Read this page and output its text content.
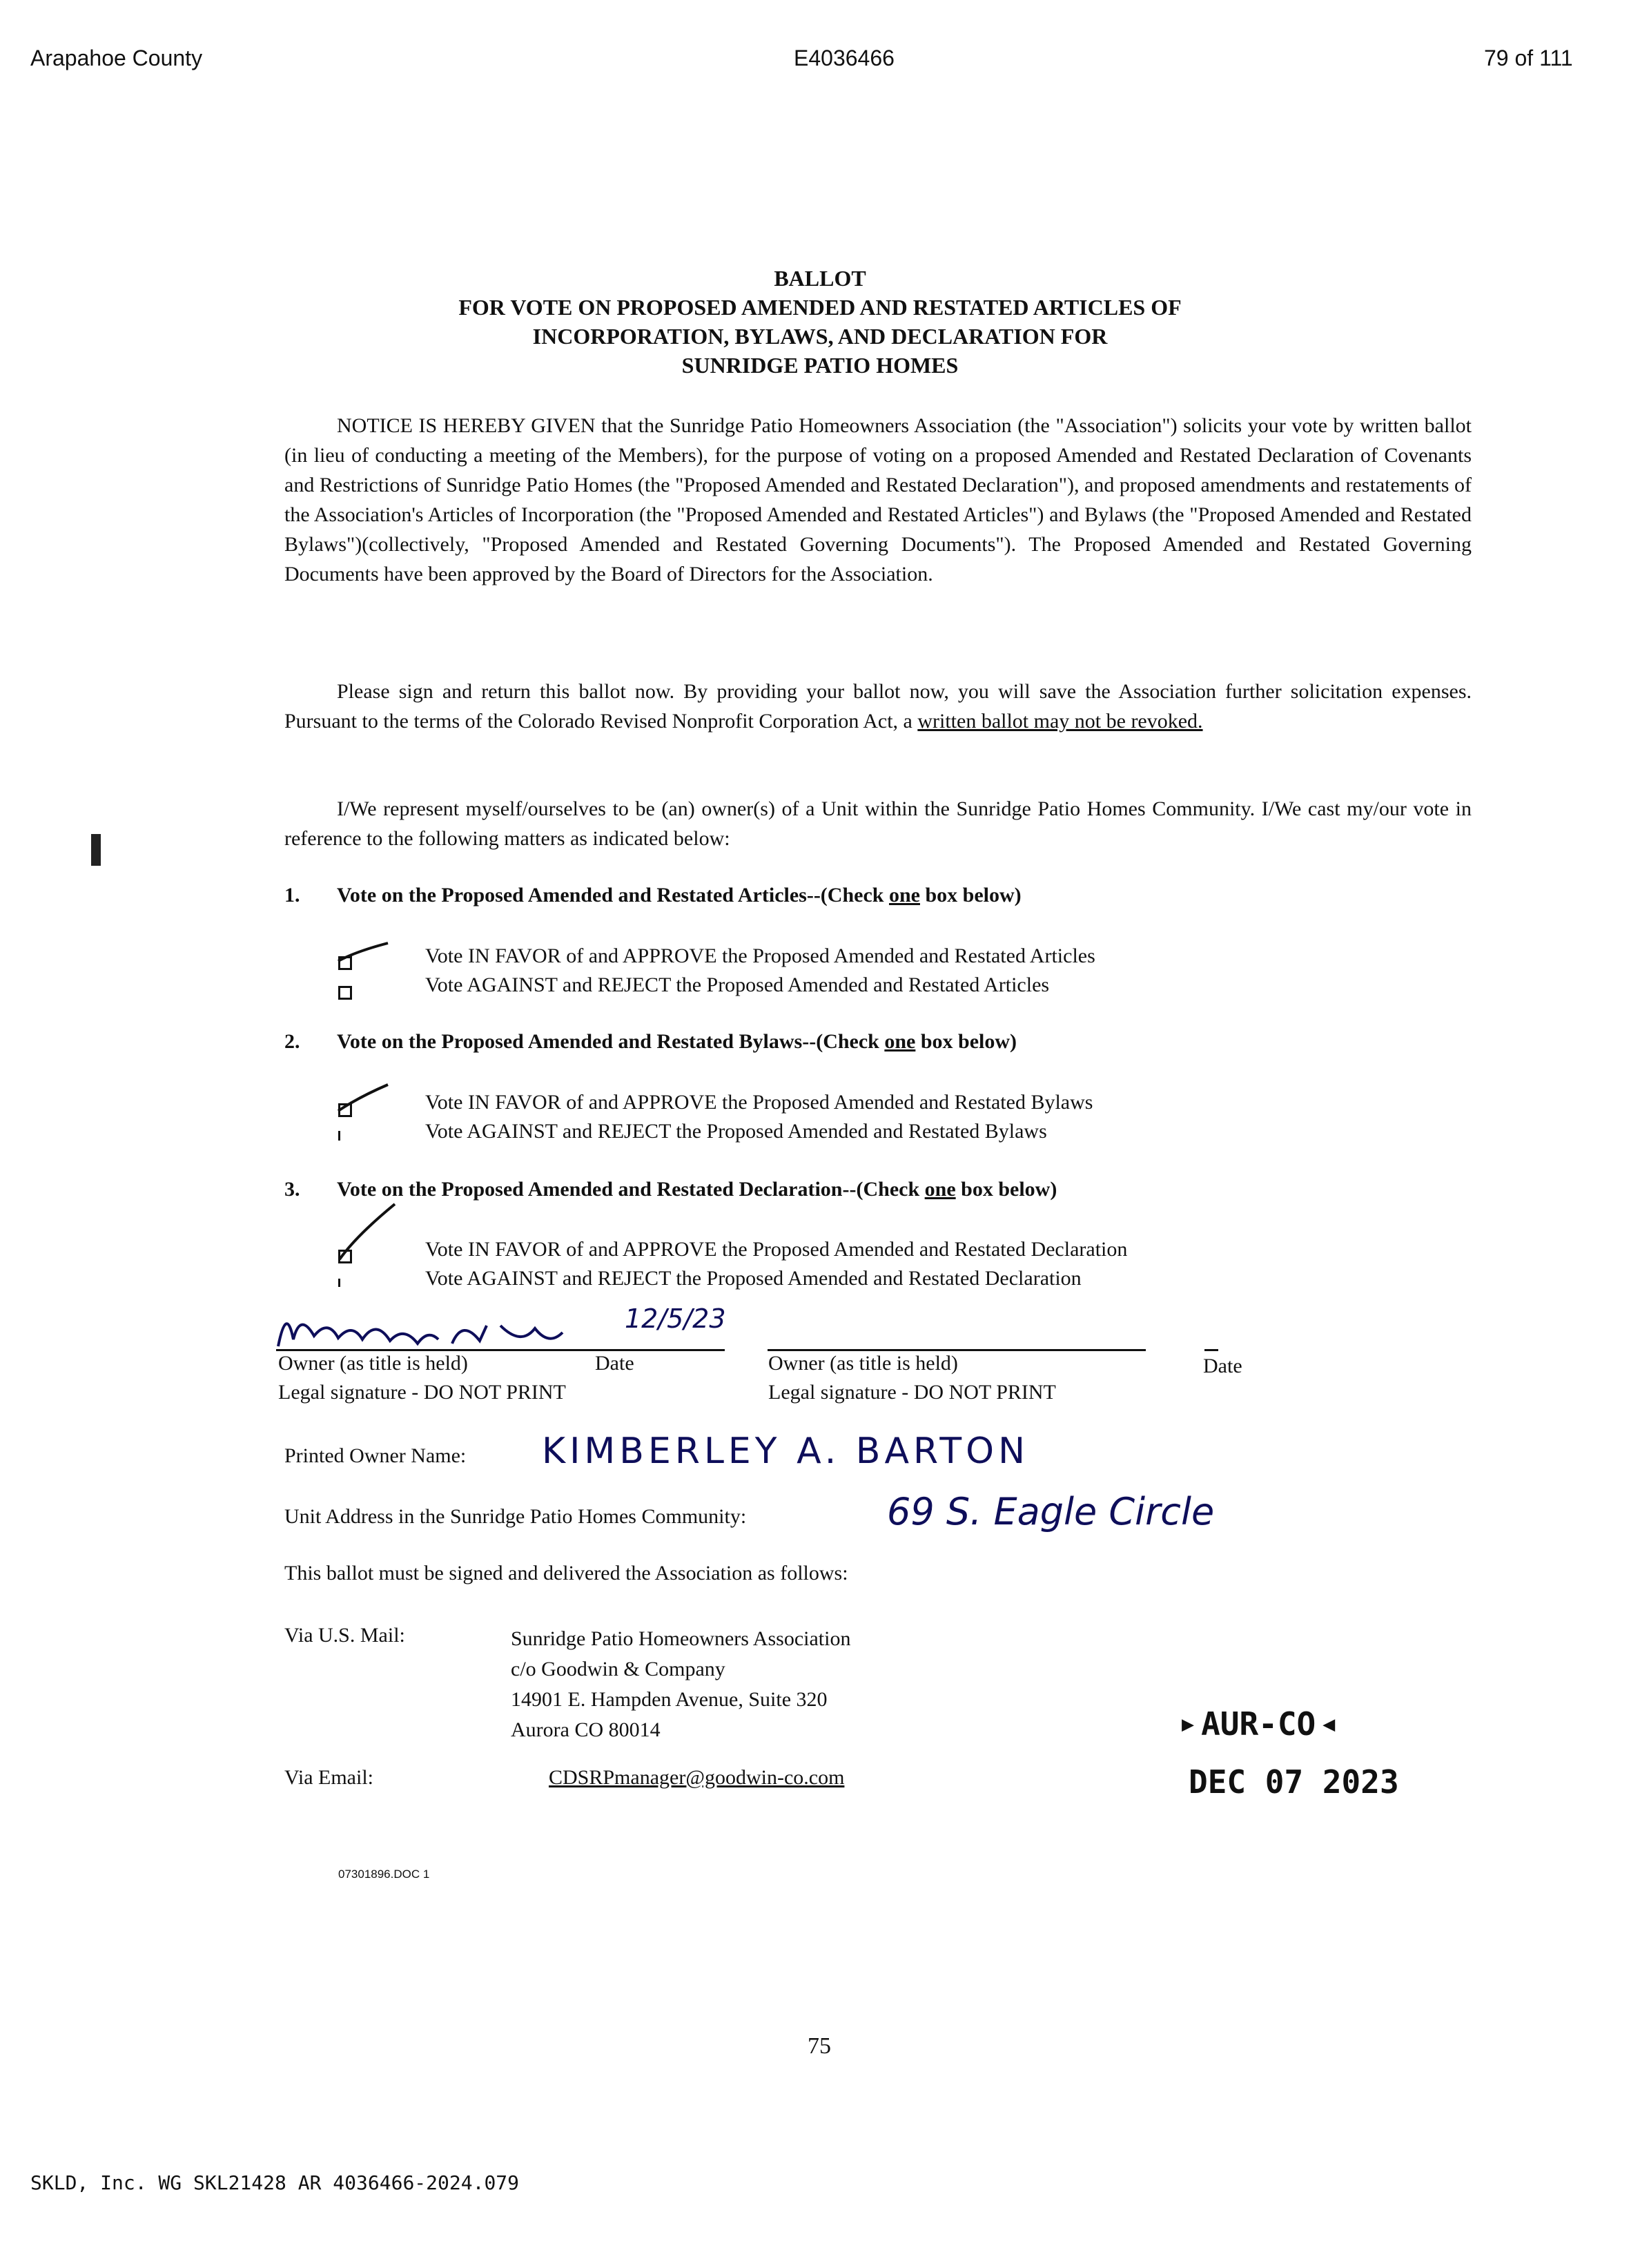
Arapahoe County	E4036466	79 of 111
BALLOT
FOR VOTE ON PROPOSED AMENDED AND RESTATED ARTICLES OF
INCORPORATION, BYLAWS, AND DECLARATION FOR
SUNRIDGE PATIO HOMES
NOTICE IS HEREBY GIVEN that the Sunridge Patio Homeowners Association (the "Association") solicits your vote by written ballot (in lieu of conducting a meeting of the Members), for the purpose of voting on a proposed Amended and Restated Declaration of Covenants and Restrictions of Sunridge Patio Homes (the "Proposed Amended and Restated Declaration"), and proposed amendments and restatements of the Association's Articles of Incorporation (the "Proposed Amended and Restated Articles") and Bylaws (the "Proposed Amended and Restated Bylaws")(collectively, "Proposed Amended and Restated Governing Documents"). The Proposed Amended and Restated Governing Documents have been approved by the Board of Directors for the Association.
Please sign and return this ballot now. By providing your ballot now, you will save the Association further solicitation expenses. Pursuant to the terms of the Colorado Revised Nonprofit Corporation Act, a written ballot may not be revoked.
I/We represent myself/ourselves to be (an) owner(s) of a Unit within the Sunridge Patio Homes Community. I/We cast my/our vote in reference to the following matters as indicated below:
1. Vote on the Proposed Amended and Restated Articles--(Check one box below)
Vote IN FAVOR of and APPROVE the Proposed Amended and Restated Articles
Vote AGAINST and REJECT the Proposed Amended and Restated Articles
2. Vote on the Proposed Amended and Restated Bylaws--(Check one box below)
Vote IN FAVOR of and APPROVE the Proposed Amended and Restated Bylaws
Vote AGAINST and REJECT the Proposed Amended and Restated Bylaws
3. Vote on the Proposed Amended and Restated Declaration--(Check one box below)
Vote IN FAVOR of and APPROVE the Proposed Amended and Restated Declaration
Vote AGAINST and REJECT the Proposed Amended and Restated Declaration
12/5/23
Owner (as title is held)	Date
Legal signature - DO NOT PRINT
Owner (as title is held)	Date
Legal signature - DO NOT PRINT
Printed Owner Name: KIMBERLEY A. BARTON
Unit Address in the Sunridge Patio Homes Community:	69 S. Eagle Circle
This ballot must be signed and delivered the Association as follows:
Via U.S. Mail:	Sunridge Patio Homeowners Association
c/o Goodwin & Company
14901 E. Hampden Avenue, Suite 320
Aurora CO 80014
Via Email:	CDSRPmanager@goodwin-co.com
▶ AUR-CO ◀
DEC 07 2023
07301896.DOC 1
75
SKLD, Inc. WG SKL21428 AR 4036466-2024.079
